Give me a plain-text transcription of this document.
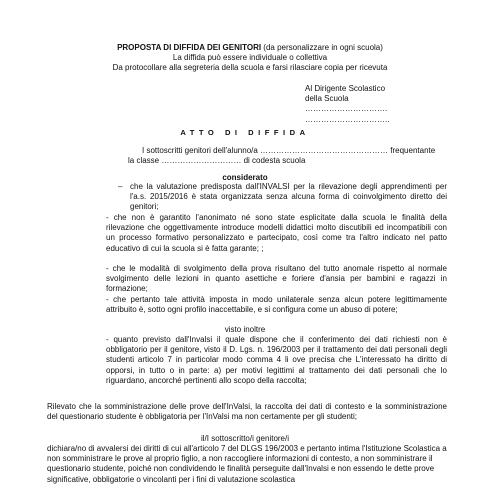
PROPOSTA DI DIFFIDA DEI GENITORI (da personalizzare in ogni scuola)

La diffida può essere individuale o collettiva

Da protocollare alla segreteria della scuola e farsi rilasciare copia per ricevuta

Al Dirigente Scolastico

della Scuola

………………………….

…………………………..

ATTO DI DIFFIDA

I sottoscritti genitori dell'alunno/a ………………………………………… frequentante

la classe ………………………… di codesta scuola

considerato
– che la valutazione predisposta dall'INVALSI per la rilevazione degli apprendimenti per l'a.s. 2015/2016 è stata organizzata senza alcuna forma di coinvolgimento diretto dei genitori;
- che non è garantito l'anonimato né sono state esplicitate dalla scuola le finalità della rilevazione che oggettivamente introduce modelli didattici molto discutibili ed incompatibili con un processo formativo personalizzato e partecipato, così come tra l'altro indicato nel patto educativo di cui la scuola si è fatta garante; ;
- che le modalità di svolgimento della prova risultano del tutto anomale rispetto al normale svolgimento delle lezioni in quanto asettiche e foriere d'ansia per bambini e ragazzi in formazione;
- che pertanto tale attività imposta in modo unilaterale senza alcun potere legittimamente attribuito è, sotto ogni profilo inaccettabile, e si configura come un abuso di potere;
visto inoltre
- quanto previsto dall'Invalsi il quale dispone che il conferimento dei dati richiesti non è obbligatorio per il genitore, visto il D. Lgs. n. 196/2003 per il trattamento dei dati personali degli studenti articolo 7 in particolar modo comma 4 li ove precisa che L'interessato ha diritto di opporsi, in tutto o in parte: a) per motivi legittimi al trattamento dei dati personali che lo riguardano, ancorché pertinenti allo scopo della raccolta;
Rilevato che la somministrazione delle prove dell'InValsi, la raccolta dei dati di contesto e la somministrazione del questionario studente è obbligatoria per l'InValsi ma non certamente per gli studenti;
il/I sottoscritto/i genitore/i
dichiara/no di avvalersi dei diritti di cui all'articolo 7 del DLGS 196/2003 e pertanto intima l'Istituzione Scolastica a non somministrare le prove al proprio figlio, a non raccogliere informazioni di contesto, a non somministrare il questionario studente, poiché non condividendo le finalità perseguite dall'Invalsi e non essendo le dette prove significative, obbligatorie o vincolanti per i fini di valutazione scolastica
